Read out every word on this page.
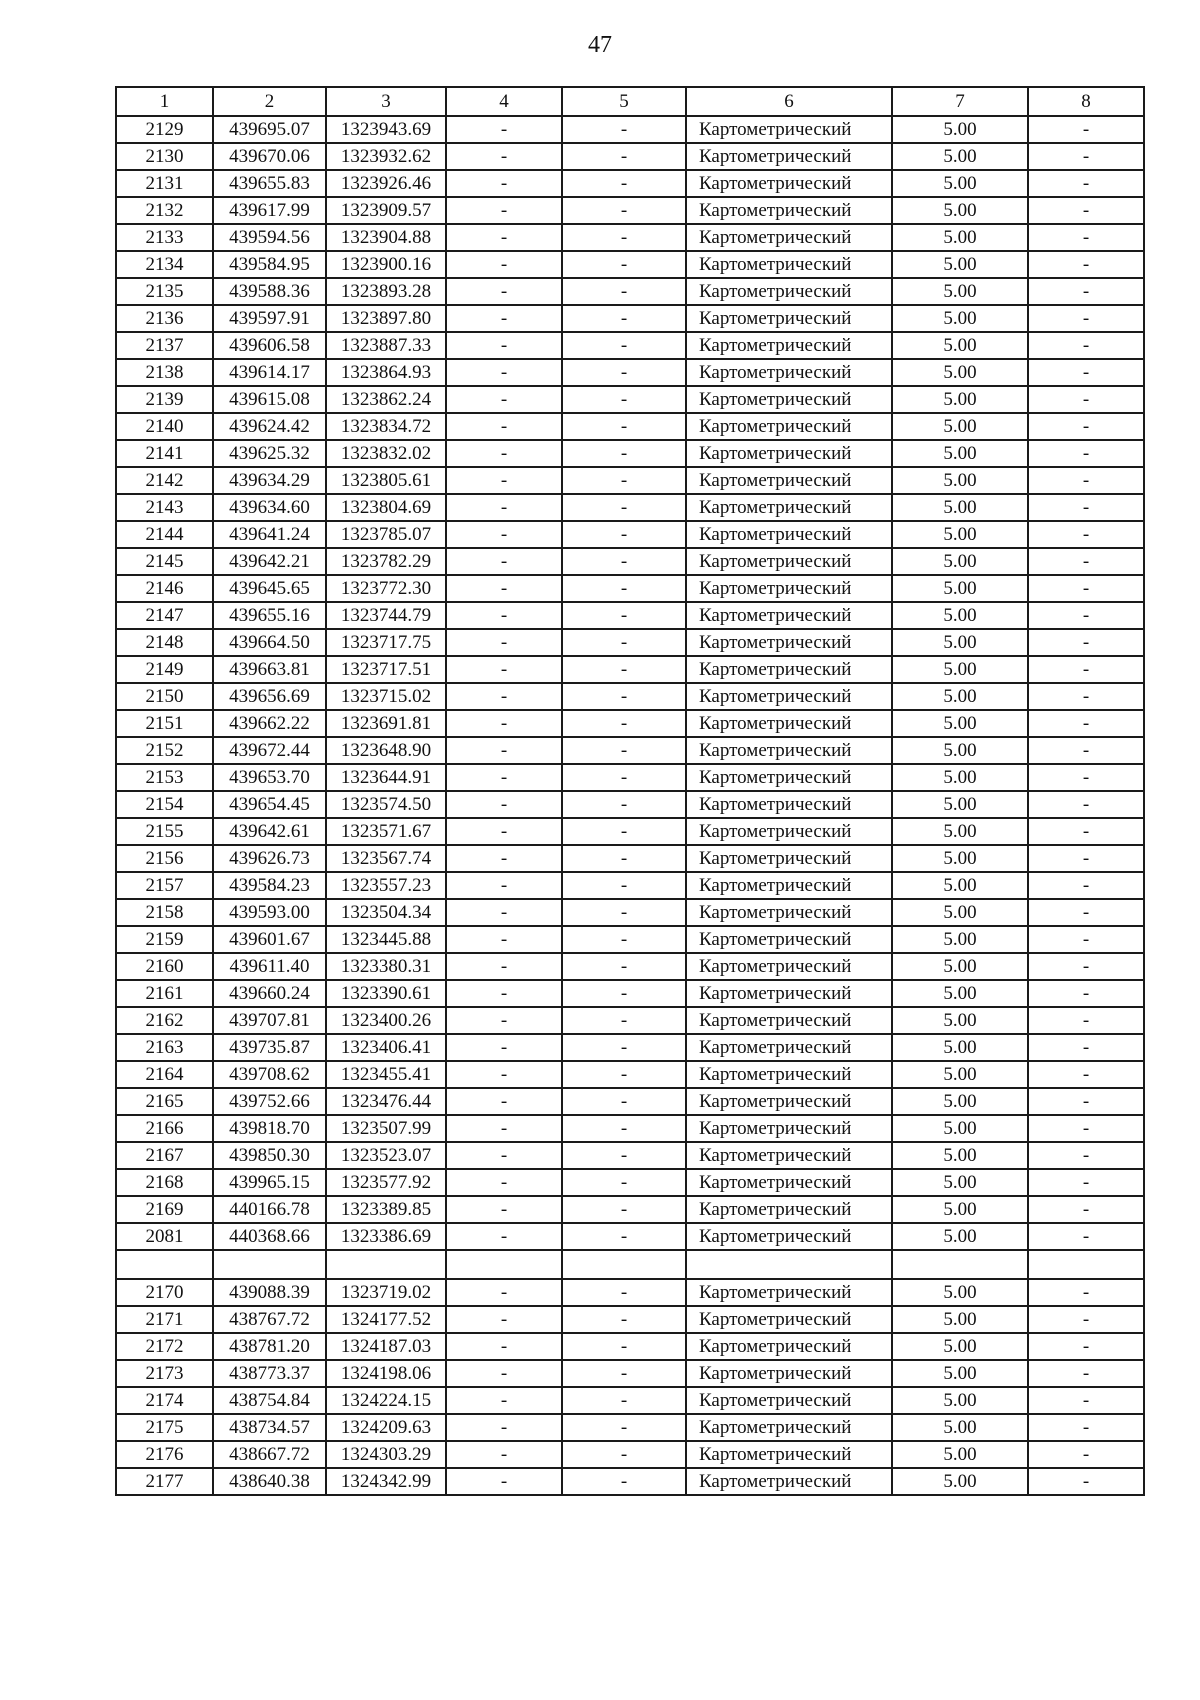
47
1	2	3	4	5	6	7	8
2129	439695.07	1323943.69	-	-	Картометрический	5.00	-
2130	439670.06	1323932.62	-	-	Картометрический	5.00	-
2131	439655.83	1323926.46	-	-	Картометрический	5.00	-
2132	439617.99	1323909.57	-	-	Картометрический	5.00	-
2133	439594.56	1323904.88	-	-	Картометрический	5.00	-
2134	439584.95	1323900.16	-	-	Картометрический	5.00	-
2135	439588.36	1323893.28	-	-	Картометрический	5.00	-
2136	439597.91	1323897.80	-	-	Картометрический	5.00	-
2137	439606.58	1323887.33	-	-	Картометрический	5.00	-
2138	439614.17	1323864.93	-	-	Картометрический	5.00	-
2139	439615.08	1323862.24	-	-	Картометрический	5.00	-
2140	439624.42	1323834.72	-	-	Картометрический	5.00	-
2141	439625.32	1323832.02	-	-	Картометрический	5.00	-
2142	439634.29	1323805.61	-	-	Картометрический	5.00	-
2143	439634.60	1323804.69	-	-	Картометрический	5.00	-
2144	439641.24	1323785.07	-	-	Картометрический	5.00	-
2145	439642.21	1323782.29	-	-	Картометрический	5.00	-
2146	439645.65	1323772.30	-	-	Картометрический	5.00	-
2147	439655.16	1323744.79	-	-	Картометрический	5.00	-
2148	439664.50	1323717.75	-	-	Картометрический	5.00	-
2149	439663.81	1323717.51	-	-	Картометрический	5.00	-
2150	439656.69	1323715.02	-	-	Картометрический	5.00	-
2151	439662.22	1323691.81	-	-	Картометрический	5.00	-
2152	439672.44	1323648.90	-	-	Картометрический	5.00	-
2153	439653.70	1323644.91	-	-	Картометрический	5.00	-
2154	439654.45	1323574.50	-	-	Картометрический	5.00	-
2155	439642.61	1323571.67	-	-	Картометрический	5.00	-
2156	439626.73	1323567.74	-	-	Картометрический	5.00	-
2157	439584.23	1323557.23	-	-	Картометрический	5.00	-
2158	439593.00	1323504.34	-	-	Картометрический	5.00	-
2159	439601.67	1323445.88	-	-	Картометрический	5.00	-
2160	439611.40	1323380.31	-	-	Картометрический	5.00	-
2161	439660.24	1323390.61	-	-	Картометрический	5.00	-
2162	439707.81	1323400.26	-	-	Картометрический	5.00	-
2163	439735.87	1323406.41	-	-	Картометрический	5.00	-
2164	439708.62	1323455.41	-	-	Картометрический	5.00	-
2165	439752.66	1323476.44	-	-	Картометрический	5.00	-
2166	439818.70	1323507.99	-	-	Картометрический	5.00	-
2167	439850.30	1323523.07	-	-	Картометрический	5.00	-
2168	439965.15	1323577.92	-	-	Картометрический	5.00	-
2169	440166.78	1323389.85	-	-	Картометрический	5.00	-
2081	440368.66	1323386.69	-	-	Картометрический	5.00	-

2170	439088.39	1323719.02	-	-	Картометрический	5.00	-
2171	438767.72	1324177.52	-	-	Картометрический	5.00	-
2172	438781.20	1324187.03	-	-	Картометрический	5.00	-
2173	438773.37	1324198.06	-	-	Картометрический	5.00	-
2174	438754.84	1324224.15	-	-	Картометрический	5.00	-
2175	438734.57	1324209.63	-	-	Картометрический	5.00	-
2176	438667.72	1324303.29	-	-	Картометрический	5.00	-
2177	438640.38	1324342.99	-	-	Картометрический	5.00	-
